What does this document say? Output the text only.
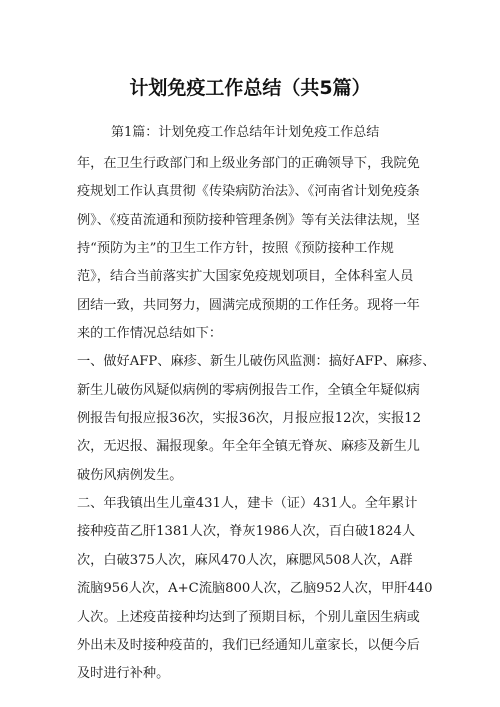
计划免疫工作总结（共5篇）
第1篇：计划免疫工作总结年计划免疫工作总结
年，在卫生行政部门和上级业务部门的正确领导下，我院免
疫规划工作认真贯彻《传染病防治法》、《河南省计划免疫条
例》、《疫苗流通和预防接种管理条例》等有关法律法规，坚
持“预防为主”的卫生工作方针，按照《预防接种工作规
范》，结合当前落实扩大国家免疫规划项目，全体科室人员
团结一致，共同努力，圆满完成预期的工作任务。现将一年
来的工作情况总结如下：
一、做好AFP、麻疹、新生儿破伤风监测：搞好AFP、麻疹、
新生儿破伤风疑似病例的零病例报告工作，全镇全年疑似病
例报告旬报应报36次，实报36次，月报应报12次，实报12
次，无迟报、漏报现象。年全年全镇无脊灰、麻疹及新生儿
破伤风病例发生。
二、年我镇出生儿童431人，建卡（证）431人。全年累计
接种疫苗乙肝1381人次，脊灰1986人次，百白破1824人
次，白破375人次，麻风470人次，麻腮风508人次，A群
流脑956人次，A+C流脑800人次，乙脑952人次，甲肝440
人次。上述疫苗接种均达到了预期目标，个别儿童因生病或
外出未及时接种疫苗的，我们已经通知儿童家长，以便今后
及时进行补种。
